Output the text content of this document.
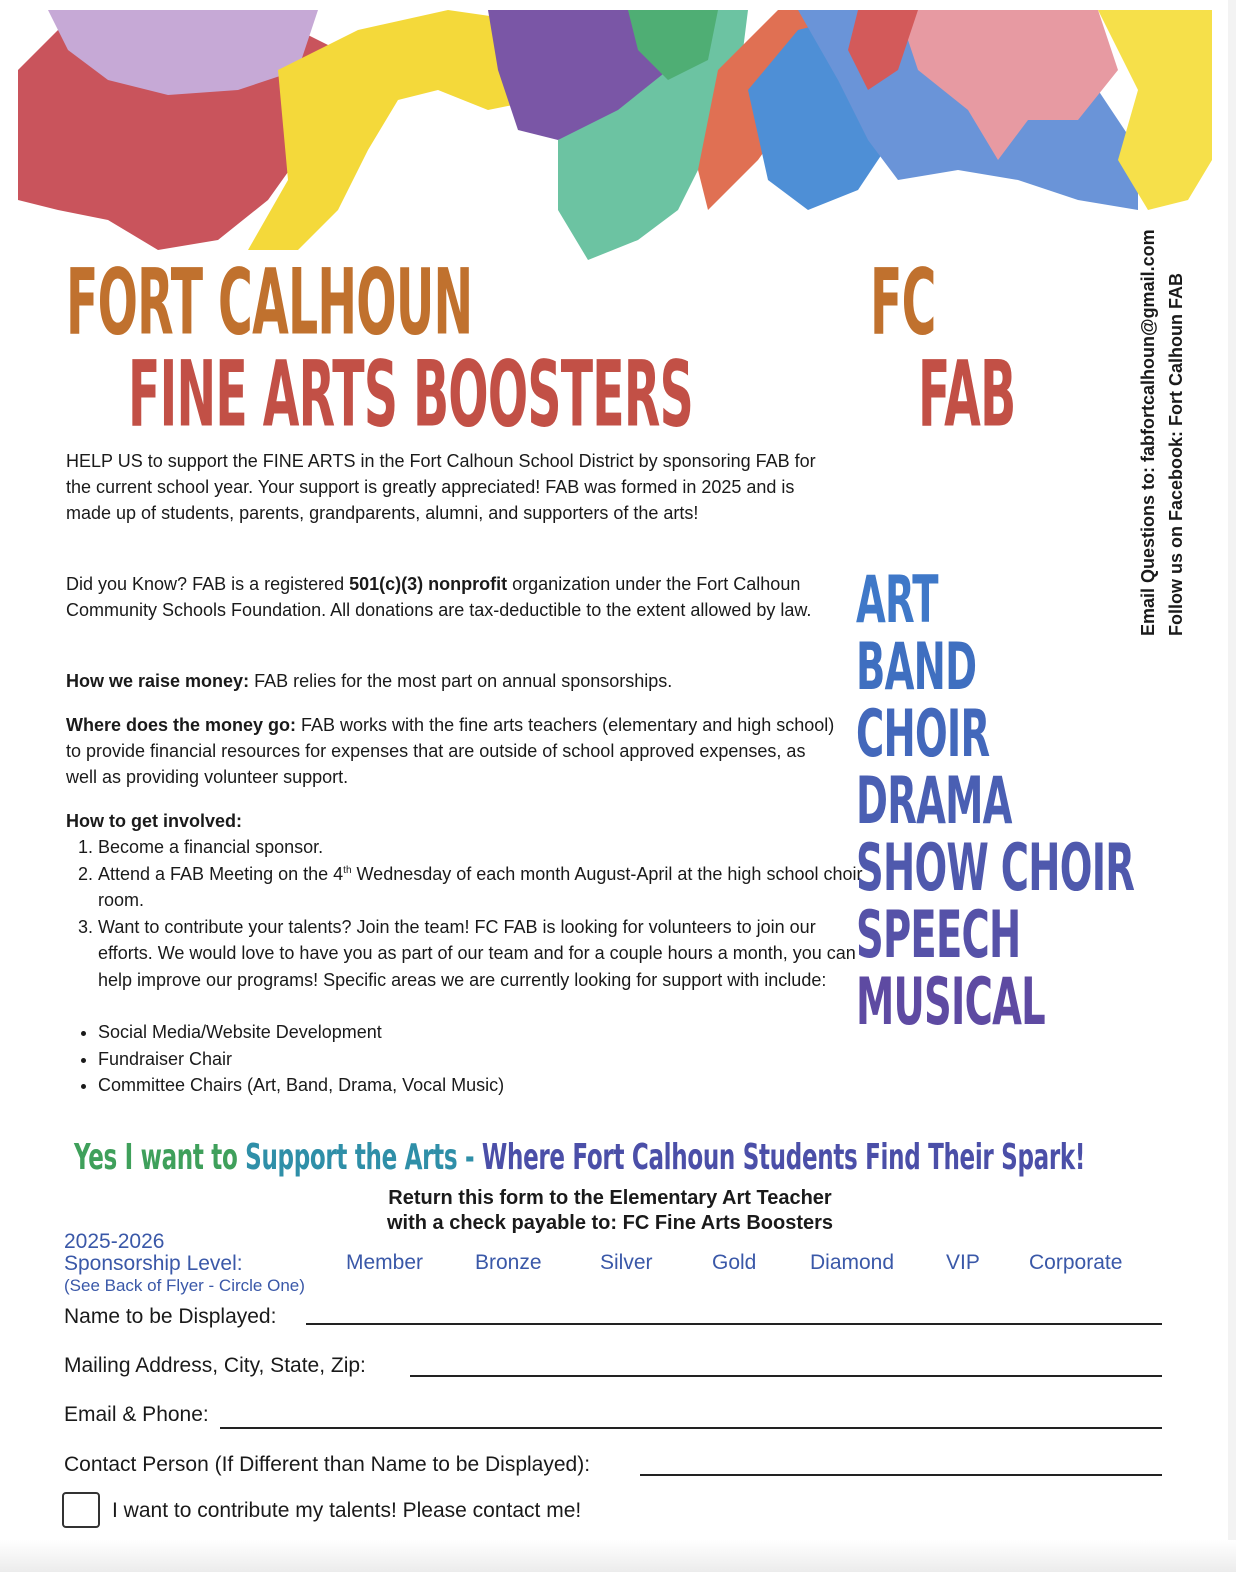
FORT CALHOUN
FINE ARTS BOOSTERS
FC
FAB	Email Questions to: fabfortcalhoun@gmail.com Follow us on Facebook: Fort Calhoun FAB

HELP US to support the FINE ARTS in the Fort Calhoun School District by sponsoring FAB for the current school year. Your support is greatly appreciated! FAB was formed in 2025 and is made up of students, parents, grandparents, alumni, and supporters of the arts!

Did you Know? FAB is a registered 501(c)(3) nonprofit organization under the Fort Calhoun Community Schools Foundation. All donations are tax-deductible to the extent allowed by law.

How we raise money: FAB relies for the most part on annual sponsorships.

Where does the money go: FAB works with the fine arts teachers (elementary and high school) to provide financial resources for expenses that are outside of school approved expenses, as well as providing volunteer support.

How to get involved:

1. Become a financial sponsor.
2. Attend a FAB Meeting on the 4th Wednesday of each month August-April at the high school choir room.
3. Want to contribute your talents? Join the team! FC FAB is looking for volunteers to join our efforts. We would love to have you as part of our team and for a couple hours a month, you can help improve our programs! Specific areas we are currently looking for support with include:
• Social Media/Website Development
• Fundraiser Chair
• Committee Chairs (Art, Band, Drama, Vocal Music)
ART
BAND
CHOIR
DRAMA
SHOW CHOIR
SPEECH
MUSICAL
Yes I want to Support the Arts - Where Fort Calhoun Students Find Their Spark!
Return this form to the Elementary Art Teacher
with a check payable to: FC Fine Arts Boosters
2025-2026
Sponsorship Level:
(See Back of Flyer - Circle One)
Member Bronze	Silver	Gold	Diamond VIP Corporate
Name to be Displayed:
Mailing Address, City, State, Zip:
Email & Phone:
Contact Person (If Different than Name to be Displayed):
I want to contribute my talents! Please contact me!
